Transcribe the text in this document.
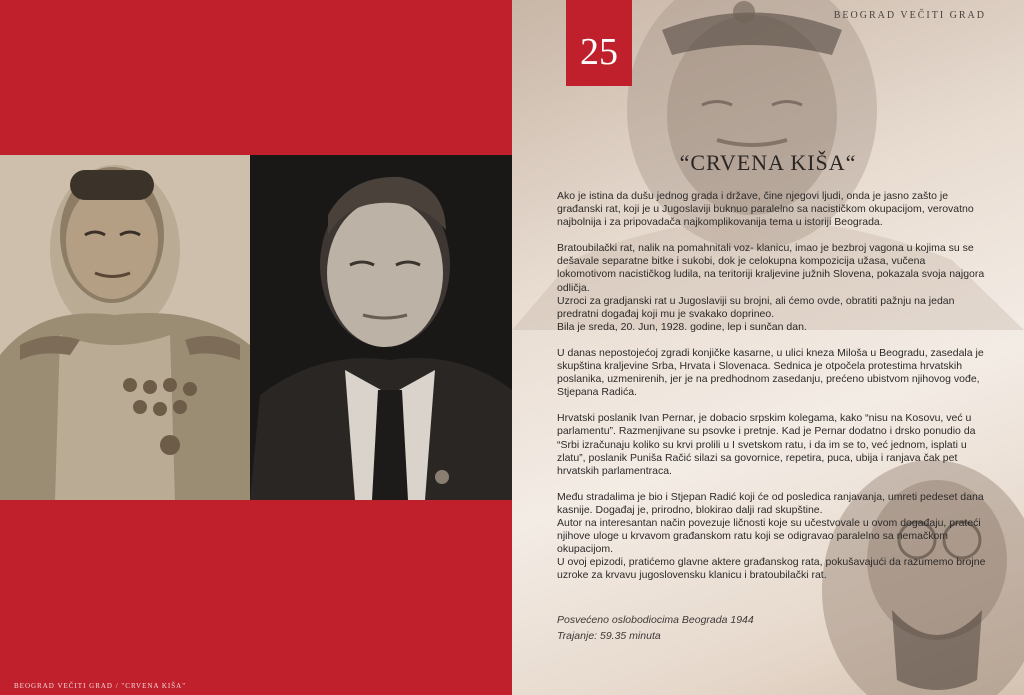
BEOGRAD VEČITI GRAD / "CRVENA KIŠA"
25
BEOGRAD VEČITI GRAD
“CRVENA KIŠA“

Ako je istina da dušu jednog grada i države, čine njegovi ljudi, onda je jasno zašto je građanski rat, koji je u Jugoslaviji buknuo paralelno sa nacističkom okupacijom, verovatno najbolnija i za pripovadača najkomplikovanija tema u istoriji Beograda.

Bratoubilački rat, nalik na pomahnitali voz- klanicu, imao je bezbroj vagona u kojima su se dešavale separatne bitke i sukobi, dok je celokupna kompozicija užasa, vučena lokomotivom nacističkog ludila, na teritoriji kraljevine južnih Slovena, pokazala svoja najgora odličja.

Uzroci za gradjanski rat u Jugoslaviji su brojni, ali ćemo ovde, obratiti pažnju na jedan predratni događaj koji mu je svakako doprineo.

Bila je sreda, 20. Jun, 1928. godine, lep i sunčan dan.

U danas nepostojećoj zgradi konjičke kasarne, u ulici kneza Miloša u Beogradu, zasedala je skupština kraljevine Srba, Hrvata i Slovenaca. Sednica je otpočela protestima hrvatskih poslanika, uzmenirenih, jer je na predhodnom zasedanju, prećeno ubistvom njihovog vođe, Stjepana Radića.

Hrvatski poslanik Ivan Pernar, je dobacio srpskim kolegama, kako “nisu na Kosovu, već u parlamentu”. Razmenjivane su psovke i pretnje. Kad je Pernar dodatno i drsko ponudio da “Srbi izračunaju koliko su krvi prolili u I svetskom ratu, i da im se to, već jednom, isplati u zlatu”, poslanik Puniša Račić silazi sa govornice, repetira, puca, ubija i ranjava čak pet hrvatskih parlamentraca.

Među stradalima je bio i Stjepan Radić koji će od posledica ranjavanja, umreti pedeset dana kasnije. Događaj je, prirodno, blokirao dalji rad skupštine.

Autor na interesantan način povezuje ličnosti koje su učestvovale u ovom događaju, prateći njihove uloge u krvavom građanskom ratu koji se odigravao paralelno sa nemačkom okupacijom.

U ovoj epizodi, pratićemo glavne aktere građanskog rata, pokušavajući da razumemo brojne uzroke za krvavu jugoslovensku klanicu i bratoubilački rat.

Posvećeno oslobodiocima Beograda 1944
Trajanje: 59.35 minuta
